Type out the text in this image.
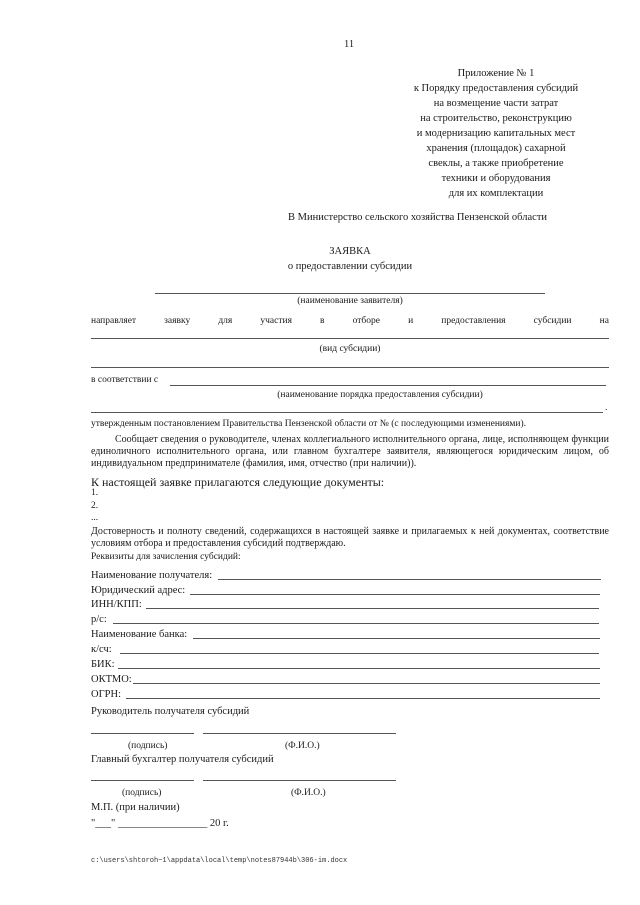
11
Приложение № 1
к Порядку предоставления субсидий
на возмещение части затрат
на строительство, реконструкцию
и модернизацию капитальных мест
хранения (площадок) сахарной
свеклы, а также приобретение
техники и оборудования
для их комплектации
В Министерство сельского хозяйства Пензенской области
ЗАЯВКА
о предоставлении субсидии
(наименование заявителя)
направляет	заявку	для	участия	в	отборе	и	предоставления	субсидии	на
(вид субсидии)
в соответствии с
(наименование порядка предоставления субсидии)
.
утвержденным постановлением Правительства Пензенской области от № (с последующими изменениями).
Сообщает сведения о руководителе, членах коллегиального исполнительного органа, лице, исполняющем функции единоличного исполнительного органа, или главном бухгалтере заявителя, являющегося юридическим лицом, об индивидуальном предпринимателе (фамилия, имя, отчество (при наличии)).
К настоящей заявке прилагаются следующие документы:
1.
2.
...
Достоверность и полноту сведений, содержащихся в настоящей заявке и прилагаемых к ней документах, соответствие условиям отбора и предоставления субсидий подтверждаю.
Реквизиты для зачисления субсидий:
Наименование получателя:
Юридический адрес:
ИНН/КПП:
р/с:
Наименование банка:
к/сч:
БИК:
ОКТМО:
ОГРН:
Руководитель получателя субсидий
(подпись)	(Ф.И.О.)
Главный бухгалтер получателя субсидий
(подпись)	(Ф.И.О.)
М.П. (при наличии)
"___" _________________ 20 г.
c:\users\shtoroh~1\appdata\local\temp\notes87944b\306-im.docx
